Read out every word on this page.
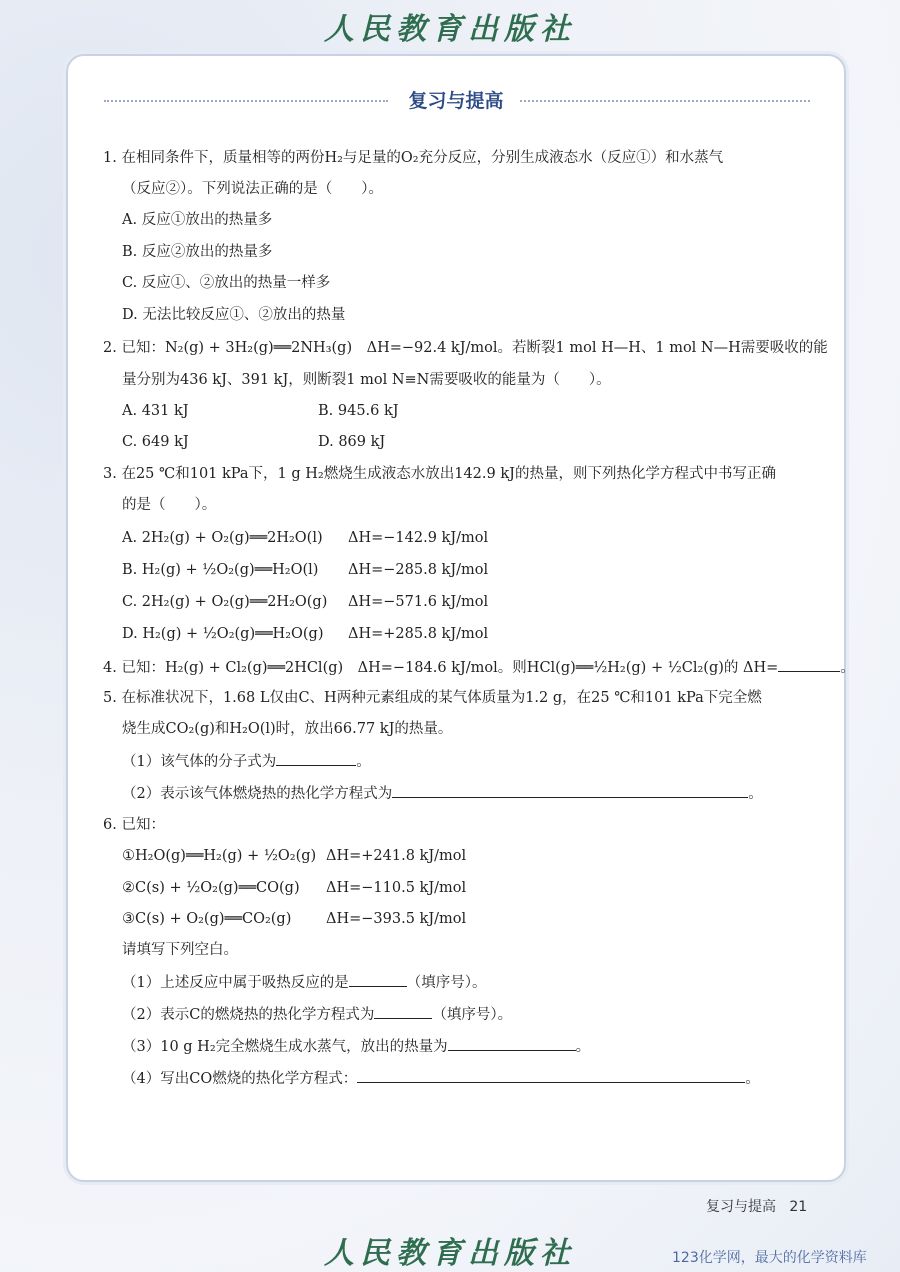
人民教育出版社
复习与提高
1. 在相同条件下，质量相等的两份H₂与足量的O₂充分反应，分别生成液态水（反应①）和水蒸气
（反应②）。下列说法正确的是（　　）。
A. 反应①放出的热量多
B. 反应②放出的热量多
C. 反应①、②放出的热量一样多
D. 无法比较反应①、②放出的热量
2. 已知：N₂(g) + 3H₂(g)══2NH₃(g)　ΔH=−92.4 kJ/mol。若断裂1 mol H—H、1 mol N—H需要吸收的能
量分别为436 kJ、391 kJ，则断裂1 mol N≡N需要吸收的能量为（　　）。
A. 431 kJ	B. 945.6 kJ
C. 649 kJ	D. 869 kJ
3. 在25 ℃和101 kPa下，1 g H₂燃烧生成液态水放出142.9 kJ的热量，则下列热化学方程式中书写正确
的是（　　）。
A. 2H₂(g) + O₂(g)══2H₂O(l) ΔH=−142.9 kJ/mol
B. H₂(g) + ½O₂(g)══H₂O(l) ΔH=−285.8 kJ/mol
C. 2H₂(g) + O₂(g)══2H₂O(g) ΔH=−571.6 kJ/mol
D. H₂(g) + ½O₂(g)══H₂O(g) ΔH=+285.8 kJ/mol
4. 已知：H₂(g) + Cl₂(g)══2HCl(g)　ΔH=−184.6 kJ/mol。则HCl(g)══½H₂(g) + ½Cl₂(g)的 ΔH=	。
5. 在标准状况下，1.68 L仅由C、H两种元素组成的某气体质量为1.2 g，在25 ℃和101 kPa下完全燃
烧生成CO₂(g)和H₂O(l)时，放出66.77 kJ的热量。
（1）该气体的分子式为	。
（2）表示该气体燃烧热的热化学方程式为	。
6. 已知：
①H₂O(g)══H₂(g) + ½O₂(g) ΔH=+241.8 kJ/mol
②C(s) + ½O₂(g)══CO(g) ΔH=−110.5 kJ/mol
③C(s) + O₂(g)══CO₂(g) ΔH=−393.5 kJ/mol
请填写下列空白。
（1）上述反应中属于吸热反应的是	（填序号）。
（2）表示C的燃烧热的热化学方程式为	（填序号）。
（3）10 g H₂完全燃烧生成水蒸气，放出的热量为	。
（4）写出CO燃烧的热化学方程式：	。
复习与提高 21
人民教育出版社	123化学网，最大的化学资料库
